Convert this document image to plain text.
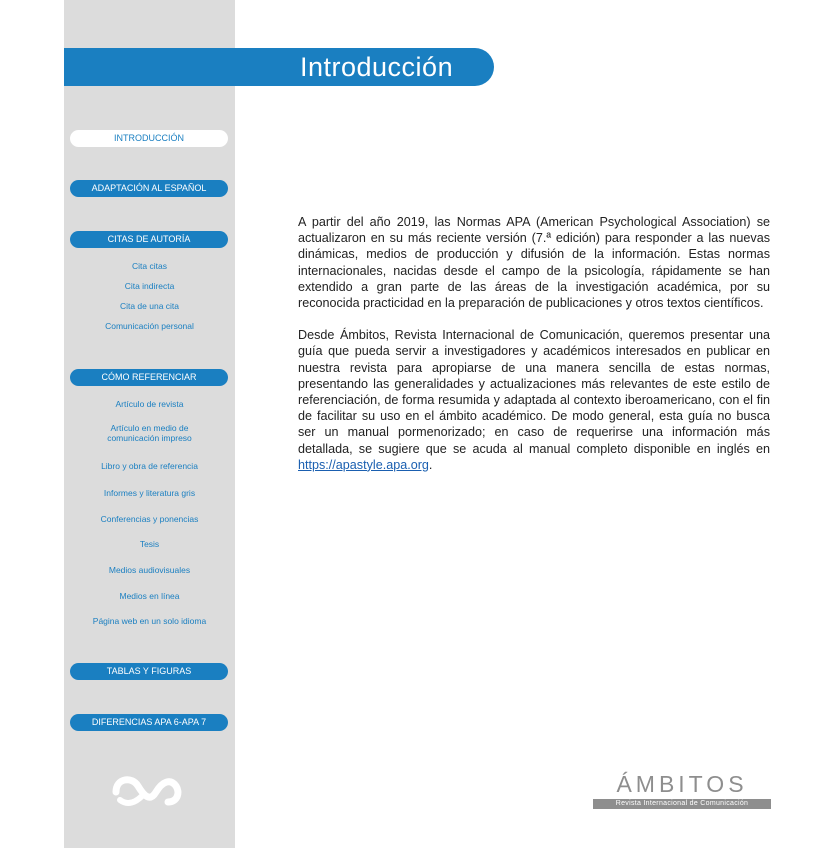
Introducción
INTRODUCCIÓN
ADAPTACIÓN AL ESPAÑOL
CITAS DE AUTORÍA
Cita citas
Cita indirecta
Cita de una cita
Comunicación personal
CÓMO REFERENCIAR
Artículo de revista
Artículo en medio de comunicación impreso
Libro y obra de referencia
Informes y literatura gris
Conferencias y ponencias
Tesis
Medios audiovisuales
Medios en línea
Página web en un solo idioma
TABLAS Y FIGURAS
DIFERENCIAS APA 6-APA 7

A partir del año 2019, las Normas APA (American Psychological Association) se actualizaron en su más reciente versión (7.ª edición) para responder a las nuevas dinámicas, medios de producción y difusión de la información. Estas normas internacionales, nacidas desde el campo de la psicología, rápidamente se han extendido a gran parte de las áreas de la investigación académica, por su reconocida practicidad en la preparación de publicaciones y otros textos científicos.

Desde Ámbitos, Revista Internacional de Comunicación, queremos presentar una guía que pueda servir a investigadores y académicos interesados en publicar en nuestra revista para apropiarse de una manera sencilla de estas normas, presentando las generalidades y actualizaciones más relevantes de este estilo de referenciación, de forma resumida y adaptada al contexto iberoamericano, con el fin de facilitar su uso en el ámbito académico. De modo general, esta guía no busca ser un manual pormenorizado; en caso de requerirse una información más detallada, se sugiere que se acuda al manual completo disponible en inglés en https://apastyle.apa.org.

ÁMBITOS
Revista Internacional de Comunicación
